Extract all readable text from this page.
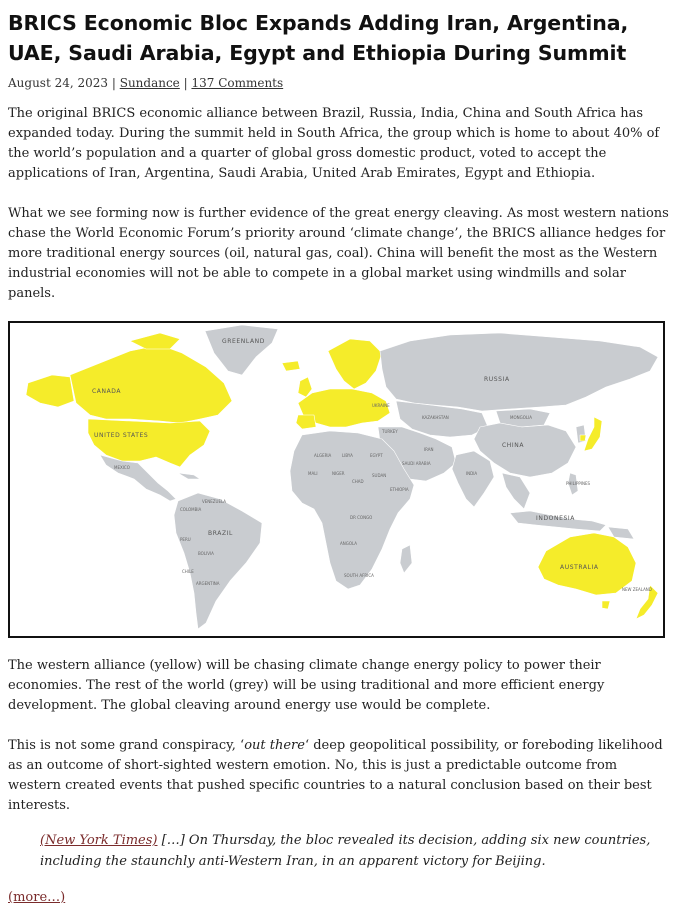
BRICS Economic Bloc Expands Adding Iran, Argentina, UAE, Saudi Arabia, Egypt and Ethiopia During Summit
August 24, 2023 | Sundance | 137 Comments

The original BRICS economic alliance between Brazil, Russia, India, China and South Africa has expanded today. During the summit held in South Africa, the group which is home to about 40% of the world’s population and a quarter of global gross domestic product, voted to accept the applications of Iran, Argentina, Saudi Arabia, United Arab Emirates, Egypt and Ethiopia.

What we see forming now is further evidence of the great energy cleaving. As most western nations chase the World Economic Forum’s priority around ‘climate change’, the BRICS alliance hedges for more traditional energy sources (oil, natural gas, coal). China will benefit the most as the Western industrial economies will not be able to compete in a global market using windmills and solar panels.

GREENLAND
CANADA
UNITED STATES
RUSSIA
CHINA
BRAZIL
AUSTRALIA
INDONESIA
MONGOLIA
KAZAKHSTAN
INDIA
ALGERIA	LIBYA	EGYPT
MALI	NIGER
CHAD
SUDAN
ETHIOPIA
DR CONGO
ANGOLA
SOUTH AFRICA
IRAN
TURKEY
SAUDI ARABIA
PERU
BOLIVIA
ARGENTINA
CHILE
MEXICO
COLOMBIA
VENEZUELA
UKRAINE
NEW ZEALAND
PHILIPPINES

The western alliance (yellow) will be chasing climate change energy policy to power their economies. The rest of the world (grey) will be using traditional and more efficient energy development. The global cleaving around energy use would be complete.

This is not some grand conspiracy, ‘out there‘ deep geopolitical possibility, or foreboding likelihood as an outcome of short-sighted western emotion. No, this is just a predictable outcome from western created events that pushed specific countries to a natural conclusion based on their best interests.

(New York Times) […] On Thursday, the bloc revealed its decision, adding six new countries, including the staunchly anti-Western Iran, in an apparent victory for Beijing.
(more…)
